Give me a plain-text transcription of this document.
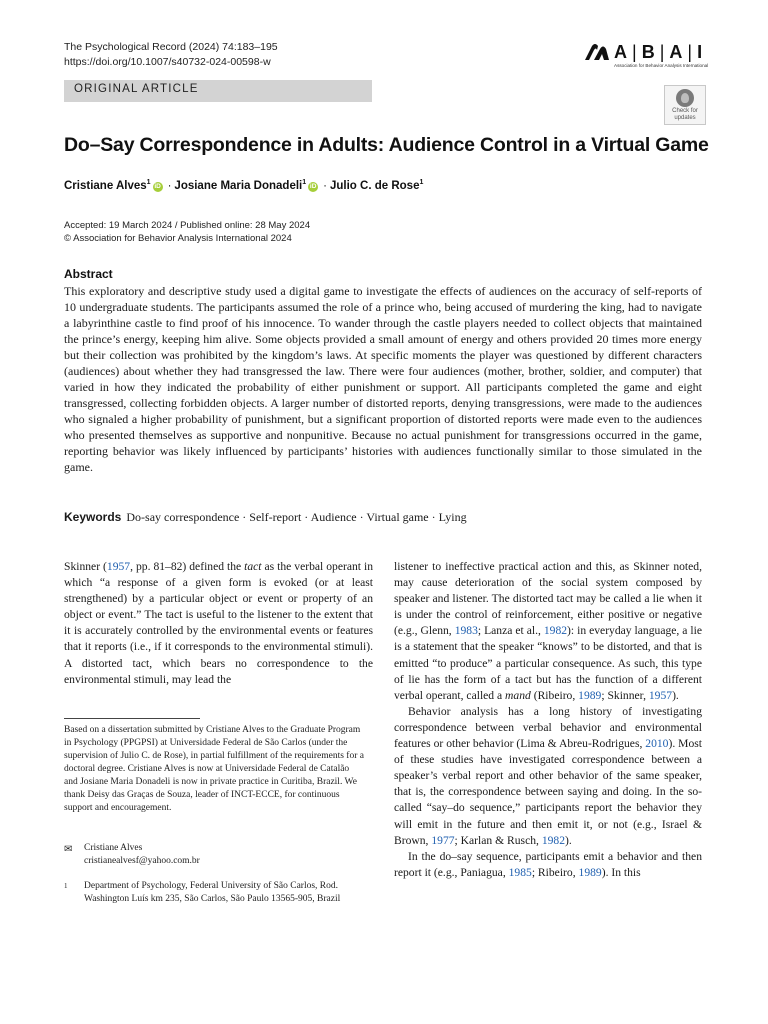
The Psychological Record (2024) 74:183–195
https://doi.org/10.1007/s40732-024-00598-w	A | B | A | I
Association for Behavior Analysis International
ORIGINAL ARTICLE
Check for
updates
Do–Say Correspondence in Adults: Audience Control in a Virtual Game
Cristiane Alves$^1$iD · Josiane Maria Donadeli$^1$iD · Julio C. de Rose$^1$
Accepted: 19 March 2024 / Published online: 28 May 2024
© Association for Behavior Analysis International 2024
Abstract
This exploratory and descriptive study used a digital game to investigate the effects of audiences on the accuracy of self-reports of 10 undergraduate students. The participants assumed the role of a prince who, being accused of murdering the king, had to navigate a labyrinthine castle to find proof of his innocence. To wander through the castle players needed to collect objects that maintained the prince’s energy, keeping him alive. Some objects provided a small amount of energy and others provided 20 times more energy but their collection was prohibited by the kingdom’s laws. At specific moments the player was questioned by different characters (audiences) about whether they had transgressed the law. There were four audiences (mother, brother, soldier, and computer) that varied in how they indicated the probability of either punishment or support. All participants completed the game and eight transgressed, collecting forbidden objects. A larger number of distorted reports, denying transgressions, were made to the audiences who signaled a higher probability of punishment, but a significant proportion of distorted reports were made even to the audiences who presented themselves as supportive and nonpunitive. Because no actual punishment for transgressions occurred in the game, reporting behavior was likely influenced by participants’ histories with audiences functionally similar to those simulated in the game.
Keywords Do-say correspondence · Self-report · Audience · Virtual game · Lying

Skinner (1957, pp. 81–82) defined the tact as the verbal operant in which “a response of a given form is evoked (or at least strengthened) by a particular object or event or property of an object or event.” The tact is useful to the listener to the extent that it is accurately controlled by the environmental events or features that it reports (i.e., if it corresponds to the environmental stimuli). A distorted tact, which bears no correspondence to the environmental stimuli, may lead the

Based on a dissertation submitted by Cristiane Alves to the Graduate Program in Psychology (PPGPSI) at Universidade Federal de São Carlos (under the supervision of Julio C. de Rose), in partial fulfillment of the requirements for a doctoral degree. Cristiane Alves is now at Universidade Federal de Catalão and Josiane Maria Donadeli is now in private practice in Curitiba, Brazil. We thank Deisy das Graças de Souza, leader of INCT-ECCE, for continuous support and encouragement.
✉ Cristiane Alves
cristianealvesf@yahoo.com.br
1 Department of Psychology, Federal University of São Carlos, Rod. Washington Luís km 235, São Carlos, São Paulo 13565-905, Brazil

listener to ineffective practical action and this, as Skinner noted, may cause deterioration of the social system composed by speaker and listener. The distorted tact may be called a lie when it is under the control of reinforcement, either positive or negative (e.g., Glenn, 1983; Lanza et al., 1982): in everyday language, a lie is a statement that the speaker “knows” to be distorted, and that is emitted “to produce” a particular consequence. As such, this type of lie has the form of a tact but has the function of a different verbal operant, called a mand (Ribeiro, 1989; Skinner, 1957).

Behavior analysis has a long history of investigating correspondence between verbal behavior and environmental features or other behavior (Lima & Abreu-Rodrigues, 2010). Most of these studies have investigated correspondence between a speaker’s verbal report and other behavior of the same speaker, that is, the correspondence between saying and doing. In the so-called “say–do sequence,” participants report the behavior they will emit in the future and then emit it, or not (e.g., Israel & Brown, 1977; Karlan & Rusch, 1982).

In the do–say sequence, participants emit a behavior and then report it (e.g., Paniagua, 1985; Ribeiro, 1989). In this
